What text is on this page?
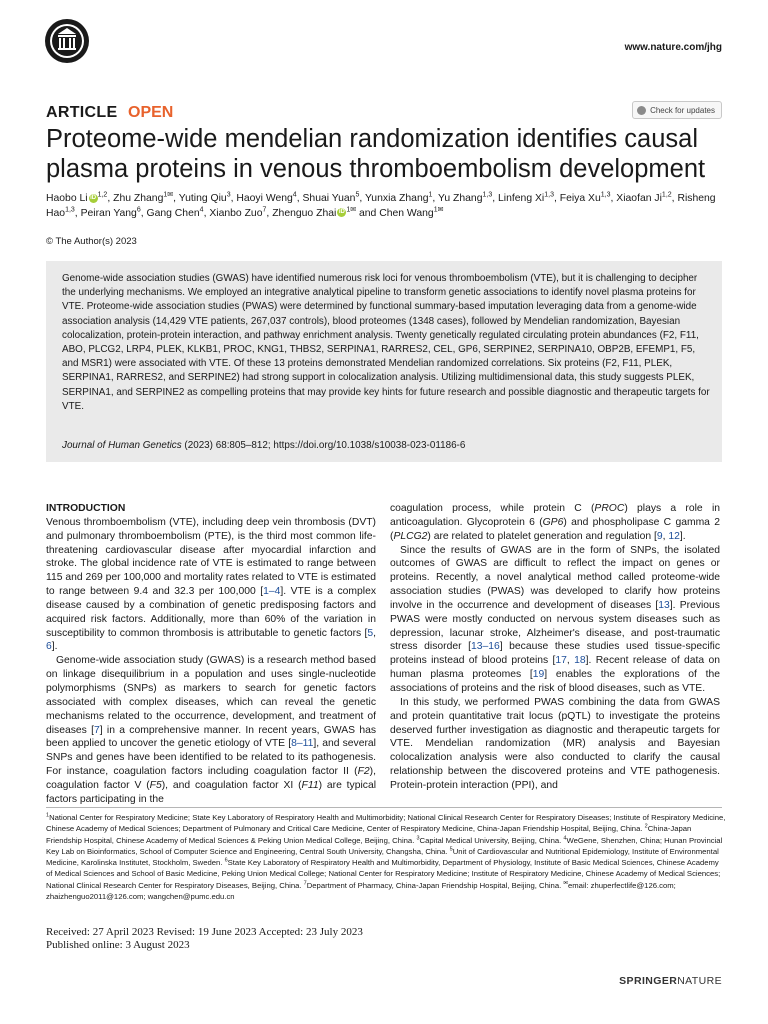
www.nature.com/jhg
ARTICLE OPEN	Check for updates
Proteome-wide mendelian randomization identifies causal plasma proteins in venous thromboembolism development
Haobo Li iD $^{1,2}$, Zhu Zhang$^{1✉}$, Yuting Qiu$^3$, Haoyi Weng$^4$, Shuai Yuan$^5$, Yunxia Zhang$^1$, Yu Zhang$^{1,3}$, Linfeng Xi$^{1,3}$, Feiya Xu$^{1,3}$, Xiaofan Ji$^{1,2}$, Risheng Hao$^{1,3}$, Peiran Yang$^6$, Gang Chen$^4$, Xianbo Zuo$^7$, Zhenguo Zhai iD $^{1✉}$ and Chen Wang$^{1✉}$
© The Author(s) 2023

Genome-wide association studies (GWAS) have identified numerous risk loci for venous thromboembolism (VTE), but it is challenging to decipher the underlying mechanisms. We employed an integrative analytical pipeline to transform genetic associations to identify novel plasma proteins for VTE. Proteome-wide association studies (PWAS) were determined by functional summary-based imputation leveraging data from a genome-wide association analysis (14,429 VTE patients, 267,037 controls), blood proteomes (1348 cases), followed by Mendelian randomization, Bayesian colocalization, protein-protein interaction, and pathway enrichment analysis. Twenty genetically regulated circulating protein abundances (F2, F11, ABO, PLCG2, LRP4, PLEK, KLKB1, PROC, KNG1, THBS2, SERPINA1, RARRES2, CEL, GP6, SERPINE2, SERPINA10, OBP2B, EFEMP1, F5, and MSR1) were associated with VTE. Of these 13 proteins demonstrated Mendelian randomized correlations. Six proteins (F2, F11, PLEK, SERPINA1, RARRES2, and SERPINE2) had strong support in colocalization analysis. Utilizing multidimensional data, this study suggests PLEK, SERPINA1, and SERPINE2 as compelling proteins that may provide key hints for future research and possible diagnostic and therapeutic targets for VTE.

Journal of Human Genetics (2023) 68:805–812; https://doi.org/10.1038/s10038-023-01186-6
INTRODUCTION

Venous thromboembolism (VTE), including deep vein thrombosis (DVT) and pulmonary thromboembolism (PTE), is the third most common life-threatening cardiovascular disease after myocardial infarction and stroke. The global incidence rate of VTE is estimated to range between 115 and 269 per 100,000 and mortality rates related to VTE is estimated to range between 9.4 and 32.3 per 100,000 [1–4]. VTE is a complex disease caused by a combination of genetic predisposing factors and acquired risk factors. Additionally, more than 60% of the variation in susceptibility to common thrombosis is attributable to genetic factors [5, 6].

Genome-wide association study (GWAS) is a research method based on linkage disequilibrium in a population and uses single-nucleotide polymorphisms (SNPs) as markers to search for genetic factors associated with complex diseases, which can reveal the genetic mechanisms related to the occurrence, development, and treatment of diseases [7] in a comprehensive manner. In recent years, GWAS has been applied to uncover the genetic etiology of VTE [8–11], and several SNPs and genes have been identified to be related to its pathogenesis. For instance, coagulation factors including coagulation factor II (F2), coagulation factor V (F5), and coagulation factor XI (F11) are typical factors participating in the

coagulation process, while protein C (PROC) plays a role in anticoagulation. Glycoprotein 6 (GP6) and phospholipase C gamma 2 (PLCG2) are related to platelet generation and regulation [9, 12].

Since the results of GWAS are in the form of SNPs, the isolated outcomes of GWAS are difficult to reflect the impact on genes or proteins. Recently, a novel analytical method called proteome-wide association studies (PWAS) was developed to clarify how proteins involve in the occurrence and development of diseases [13]. Previous PWAS were mostly conducted on nervous system diseases such as depression, lacunar stroke, Alzheimer's disease, and post-traumatic stress disorder [13–16] because these studies used tissue-specific proteins instead of blood proteins [17, 18]. Recent release of data on human plasma proteomes [19] enables the explorations of the associations of proteins and the risk of blood diseases, such as VTE.

In this study, we performed PWAS combining the data from GWAS and protein quantitative trait locus (pQTL) to investigate the proteins deserved further investigation as diagnostic and therapeutic targets for VTE. Mendelian randomization (MR) analysis and Bayesian colocalization analysis were also conducted to clarify the causal relationship between the discovered proteins and VTE pathogenesis. Protein-protein interaction (PPI), and

$^1$National Center for Respiratory Medicine; State Key Laboratory of Respiratory Health and Multimorbidity; National Clinical Research Center for Respiratory Diseases; Institute of Respiratory Medicine, Chinese Academy of Medical Sciences; Department of Pulmonary and Critical Care Medicine, Center of Respiratory Medicine, China-Japan Friendship Hospital, Beijing, China. $^2$China-Japan Friendship Hospital, Chinese Academy of Medical Sciences & Peking Union Medical College, Beijing, China. $^3$Capital Medical University, Beijing, China. $^4$WeGene, Shenzhen, China; Hunan Provincial Key Lab on Bioinformatics, School of Computer Science and Engineering, Central South University, Changsha, China. $^5$Unit of Cardiovascular and Nutritional Epidemiology, Institute of Environmental Medicine, Karolinska Institutet, Stockholm, Sweden. $^6$State Key Laboratory of Respiratory Health and Multimorbidity, Department of Physiology, Institute of Basic Medical Sciences, Chinese Academy of Medical Sciences and School of Basic Medicine, Peking Union Medical College; National Center for Respiratory Medicine; Institute of Respiratory Medicine, Chinese Academy of Medical Sciences; National Clinical Research Center for Respiratory Diseases, Beijing, China. $^7$Department of Pharmacy, China-Japan Friendship Hospital, Beijing, China. ✉email: zhuperfectlife@126.com; zhaizhenguo2011@126.com; wangchen@pumc.edu.cn

Received: 27 April 2023 Revised: 19 June 2023 Accepted: 23 July 2023
Published online: 3 August 2023
SPRINGERNATURE
